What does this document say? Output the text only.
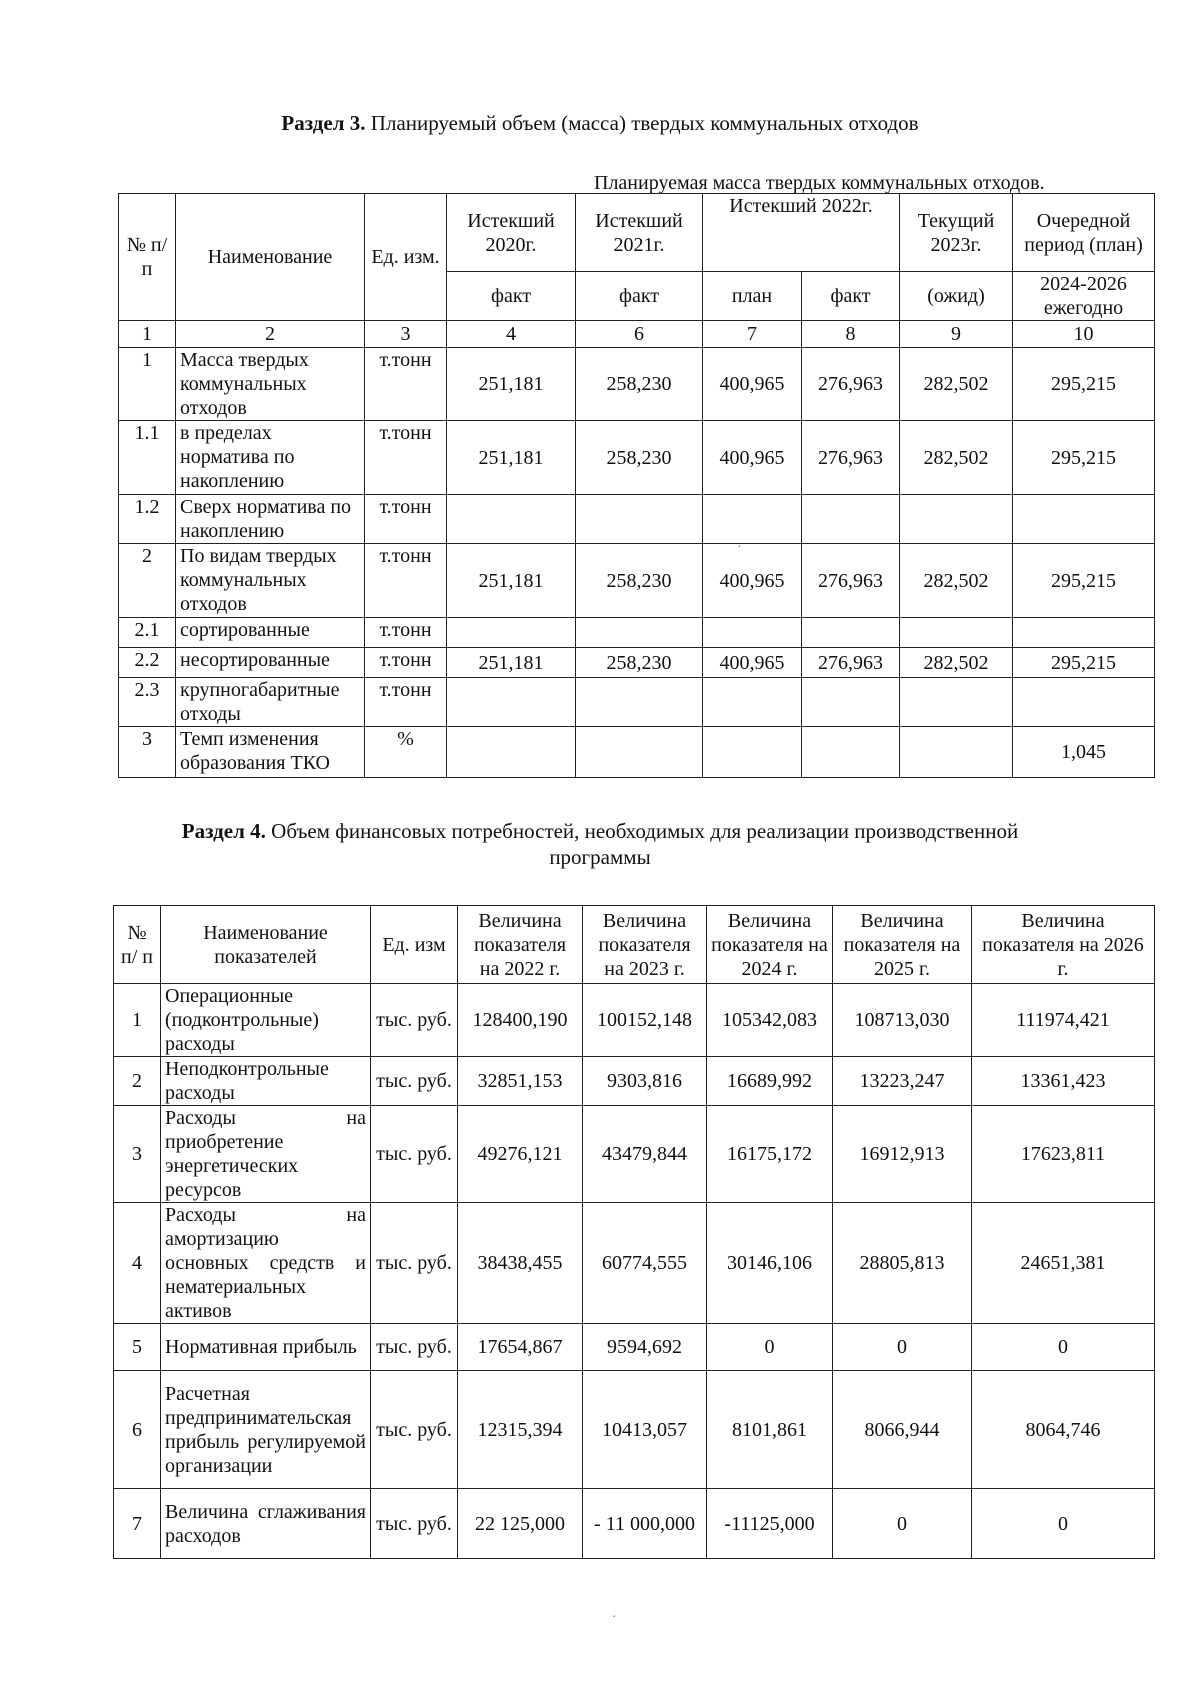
Раздел 3. Планируемый объем (масса) твердых коммунальных отходов
Планируемая масса твердых коммунальных отходов.
№ п/п	Наименование	Ед. изм.	Истекший 2020г.	Истекший 2021г.	Истекший 2022г.		Текущий 2023г.	Очередной период (план)
			факт	факт	план	факт	(ожид)	2024-2026 ежегодно
1	2	3	4	6	7	8	9	10
1	Масса твердых коммунальных отходов	т.тонн	251,181	258,230	400,965	276,963	282,502	295,215
1.1	в пределах норматива по накоплению	т.тонн	251,181	258,230	400,965	276,963	282,502	295,215
1.2	Сверх норматива по накоплению	т.тонн						
2	По видам твердых коммунальных отходов	т.тонн	251,181	258,230	400,965	276,963	282,502	295,215
2.1	сортированные	т.тонн						
2.2	несортированные	т.тонн	251,181	258,230	400,965	276,963	282,502	295,215
2.3	крупногабаритные отходы	т.тонн						
3	Темп изменения образования ТКО	%						1,045
Раздел 4. Объем финансовых потребностей, необходимых для реализации производственной
программы
№ п/ п	Наименование показателей	Ед. изм	Величина показателя на 2022 г.	Величина показателя на 2023 г.	Величина показателя на 2024 г.	Величина показателя на 2025 г.	Величина показателя на 2026 г.
1	Операционные (подконтрольные) расходы	тыс. руб.	128400,190	100152,148	105342,083	108713,030	111974,421
2	Неподконтрольные расходы	тыс. руб.	32851,153	9303,816	16689,992	13223,247	13361,423
3	Расходы на приобретение энергетических ресурсов	тыс. руб.	49276,121	43479,844	16175,172	16912,913	17623,811
4	Расходы на амортизацию основных средств и нематериальных активов	тыс. руб.	38438,455	60774,555	30146,106	28805,813	24651,381
5	Нормативная прибыль	тыс. руб.	17654,867	9594,692	0	0	0
6	Расчетная предпринимательская прибыль регулируемой организации	тыс. руб.	12315,394	10413,057	8101,861	8066,944	8064,746
7	Величина сглаживания расходов	тыс. руб.	22 125,000	- 11 000,000	-11125,000	0	0
·
·
